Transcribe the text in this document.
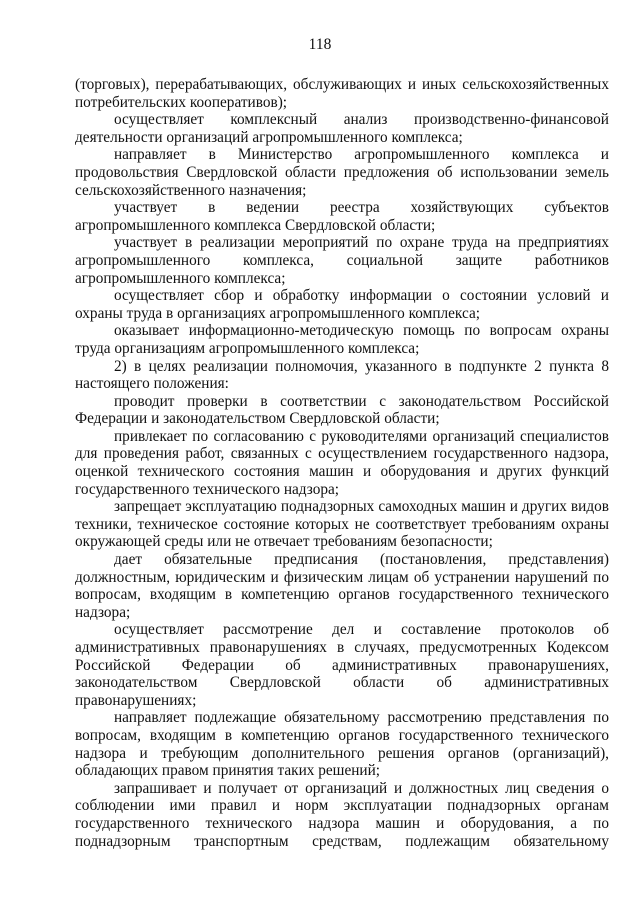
118

(торговых), перерабатывающих, обслуживающих и иных сельскохозяйственных потребительских кооперативов);

осуществляет комплексный анализ производственно-финансовой деятельности организаций агропромышленного комплекса;

направляет в Министерство агропромышленного комплекса и продовольствия Свердловской области предложения об использовании земель сельскохозяйственного назначения;

участвует в ведении реестра хозяйствующих субъектов агропромышленного комплекса Свердловской области;

участвует в реализации мероприятий по охране труда на предприятиях агропромышленного комплекса, социальной защите работников агропромышленного комплекса;

осуществляет сбор и обработку информации о состоянии условий и охраны труда в организациях агропромышленного комплекса;

оказывает информационно-методическую помощь по вопросам охраны труда организациям агропромышленного комплекса;

2) в целях реализации полномочия, указанного в подпункте 2 пункта 8 настоящего положения:

проводит проверки в соответствии с законодательством Российской Федерации и законодательством Свердловской области;

привлекает по согласованию с руководителями организаций специалистов для проведения работ, связанных с осуществлением государственного надзора, оценкой технического состояния машин и оборудования и других функций государственного технического надзора;

запрещает эксплуатацию поднадзорных самоходных машин и других видов техники, техническое состояние которых не соответствует требованиям охраны окружающей среды или не отвечает требованиям безопасности;

дает обязательные предписания (постановления, представления) должностным, юридическим и физическим лицам об устранении нарушений по вопросам, входящим в компетенцию органов государственного технического надзора;

осуществляет рассмотрение дел и составление протоколов об административных правонарушениях в случаях, предусмотренных Кодексом Российской Федерации об административных правонарушениях, законодательством Свердловской области об административных правонарушениях;

направляет подлежащие обязательному рассмотрению представления по вопросам, входящим в компетенцию органов государственного технического надзора и требующим дополнительного решения органов (организаций), обладающих правом принятия таких решений;

запрашивает и получает от организаций и должностных лиц сведения о соблюдении ими правил и норм эксплуатации поднадзорных органам государственного технического надзора машин и оборудования, а по поднадзорным транспортным средствам, подлежащим обязательному
